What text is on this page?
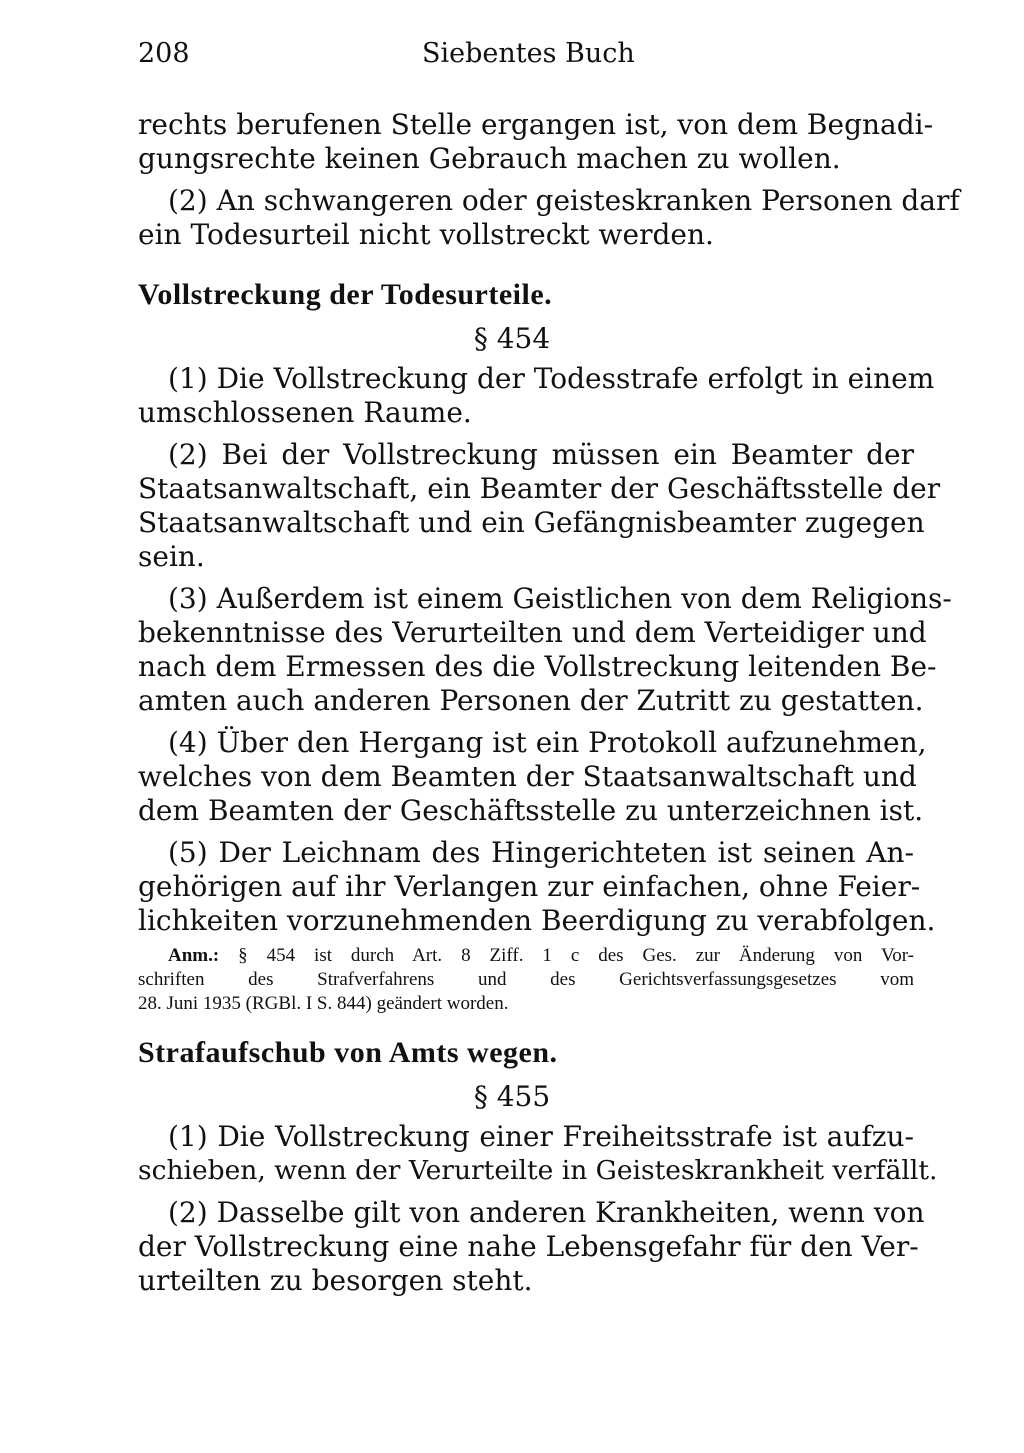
208	Siebentes Buch
rechts berufenen Stelle ergangen ist, von dem Begnadi-
gungsrechte keinen Gebrauch machen zu wollen.
(2) An schwangeren oder geisteskranken Personen darf
ein Todesurteil nicht vollstreckt werden.
Vollstreckung der Todesurteile.
§ 454
(1) Die Vollstreckung der Todesstrafe erfolgt in einem
umschlossenen Raume.
(2) Bei der Vollstreckung müssen ein Beamter der
Staatsanwaltschaft, ein Beamter der Geschäftsstelle der
Staatsanwaltschaft und ein Gefängnisbeamter zugegen
sein.
(3) Außerdem ist einem Geistlichen von dem Religions-
bekenntnisse des Verurteilten und dem Verteidiger und
nach dem Ermessen des die Vollstreckung leitenden Be-
amten auch anderen Personen der Zutritt zu gestatten.
(4) Über den Hergang ist ein Protokoll aufzunehmen,
welches von dem Beamten der Staatsanwaltschaft und
dem Beamten der Geschäftsstelle zu unterzeichnen ist.
(5) Der Leichnam des Hingerichteten ist seinen An-
gehörigen auf ihr Verlangen zur einfachen, ohne Feier-
lichkeiten vorzunehmenden Beerdigung zu verabfolgen.
Anm.: § 454 ist durch Art. 8 Ziff. 1 c des Ges. zur Änderung von Vor-
schriften des Strafverfahrens und des Gerichtsverfassungsgesetzes vom
28. Juni 1935 (RGBl. I S. 844) geändert worden.
Strafaufschub von Amts wegen.
§ 455
(1) Die Vollstreckung einer Freiheitsstrafe ist aufzu-
schieben, wenn der Verurteilte in Geisteskrankheit verfällt.
(2) Dasselbe gilt von anderen Krankheiten, wenn von
der Vollstreckung eine nahe Lebensgefahr für den Ver-
urteilten zu besorgen steht.
